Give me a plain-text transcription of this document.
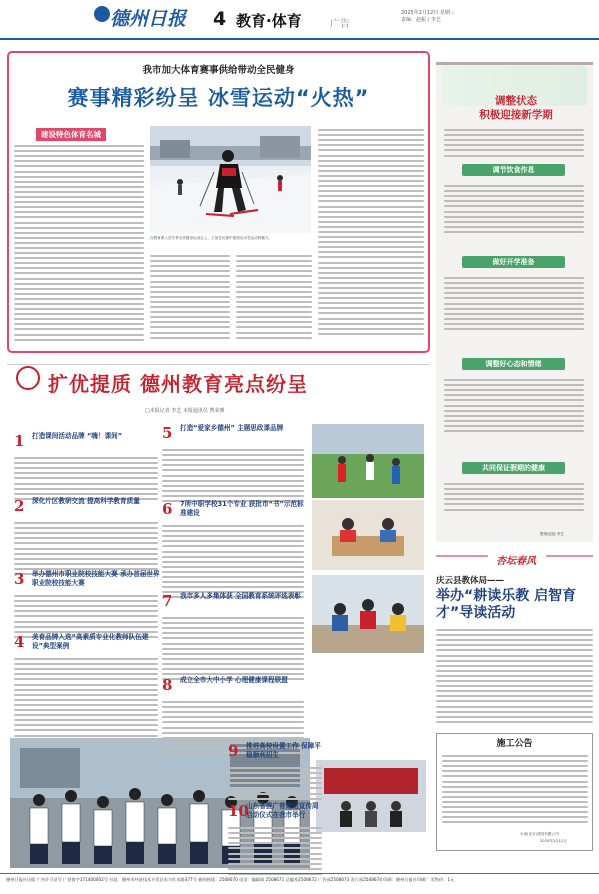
德州日报 4 教育·体育	广告
2025年2月12日 星期三
责编：赵振 / 李艺
我市加大体育赛事供给带动全民健身
赛事精彩纷呈 冰雪运动“火热”
建设特色体育名城
在教育系人员冬季全民健身运动会上，王某在比赛中展现出冰雪运动的魅力。
扩优提质 德州教育亮点纷呈
□本报记者 李艺 本报通讯员 曹荣雅
1 打造课间活动品牌 “嗨！课间”
2 深化片区教研交流 提高科学教育质量
3 举办德州市职业院校技能大赛 承办首届世界职业院校技能大赛
4 美育品牌入选“高素质专业化教师队伍建设”典型案例
5 打造“爱家乡德州” 主题思政课品牌
6 7所中职学校31个专业 获批市“书”示范标准建设
7 我市多人多集体获 全国教育系统评选表彰
8 成立全市大中小学 心理健康课程联盟
9 推进高校设置工作 保障平稳顺利招生
10
山东省推广普通话宣传周 启动仪式在我市举行
调整状态
积极迎接新学期
调节饮食作息
做好开学准备
调整好心态和情绪
共同保证假期的健康
整理/赵振 李艺
杏坛春风
庆云县教体局——
举办“耕读乐教 启智育才”导读活动
施工公告
永成(北京)建设有限公司
2025年2月12日
德州日报社出版 广告许可证号 广登鲁字371400002号 社址：德州市经济技术开发区东方红东路377号 新闻热线：2508670 电话：编辑部 2508671 总编室2508672 广告部2508673 发行部2508674 印刷：德州日报社印刷厂 零售价：1元
